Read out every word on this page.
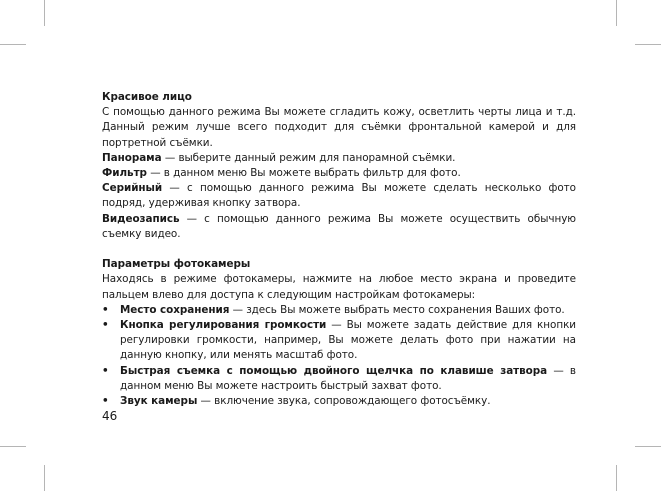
Красивое лицо

С помощью данного режима Вы можете сгладить кожу, осветлить черты лица и т.д. Данный режим лучше всего подходит для съёмки фронтальной камерой и для портретной съёмки.

Панорама — выберите данный режим для панорамной съёмки.

Фильтр — в данном меню Вы можете выбрать фильтр для фото.

Серийный — с помощью данного режима Вы можете сделать несколько фото подряд, удерживая кнопку затвора.

Видеозапись — с помощью данного режима Вы можете осуществить обычную съемку видео.

Параметры фотокамеры

Находясь в режиме фотокамеры, нажмите на любое место экрана и проведите пальцем влево для доступа к следующим настройкам фотокамеры:

• Место сохранения — здесь Вы можете выбрать место сохранения Ваших фото.
• Кнопка регулирования громкости — Вы можете задать действие для кнопки регулировки громкости, например, Вы можете делать фото при нажатии на данную кнопку, или менять масштаб фото.
• Быстрая съемка с помощью двойного щелчка по клавише затвора — в данном меню Вы можете настроить быстрый захват фото.
• Звук камеры — включение звука, сопровождающего фотосъёмку.
46
